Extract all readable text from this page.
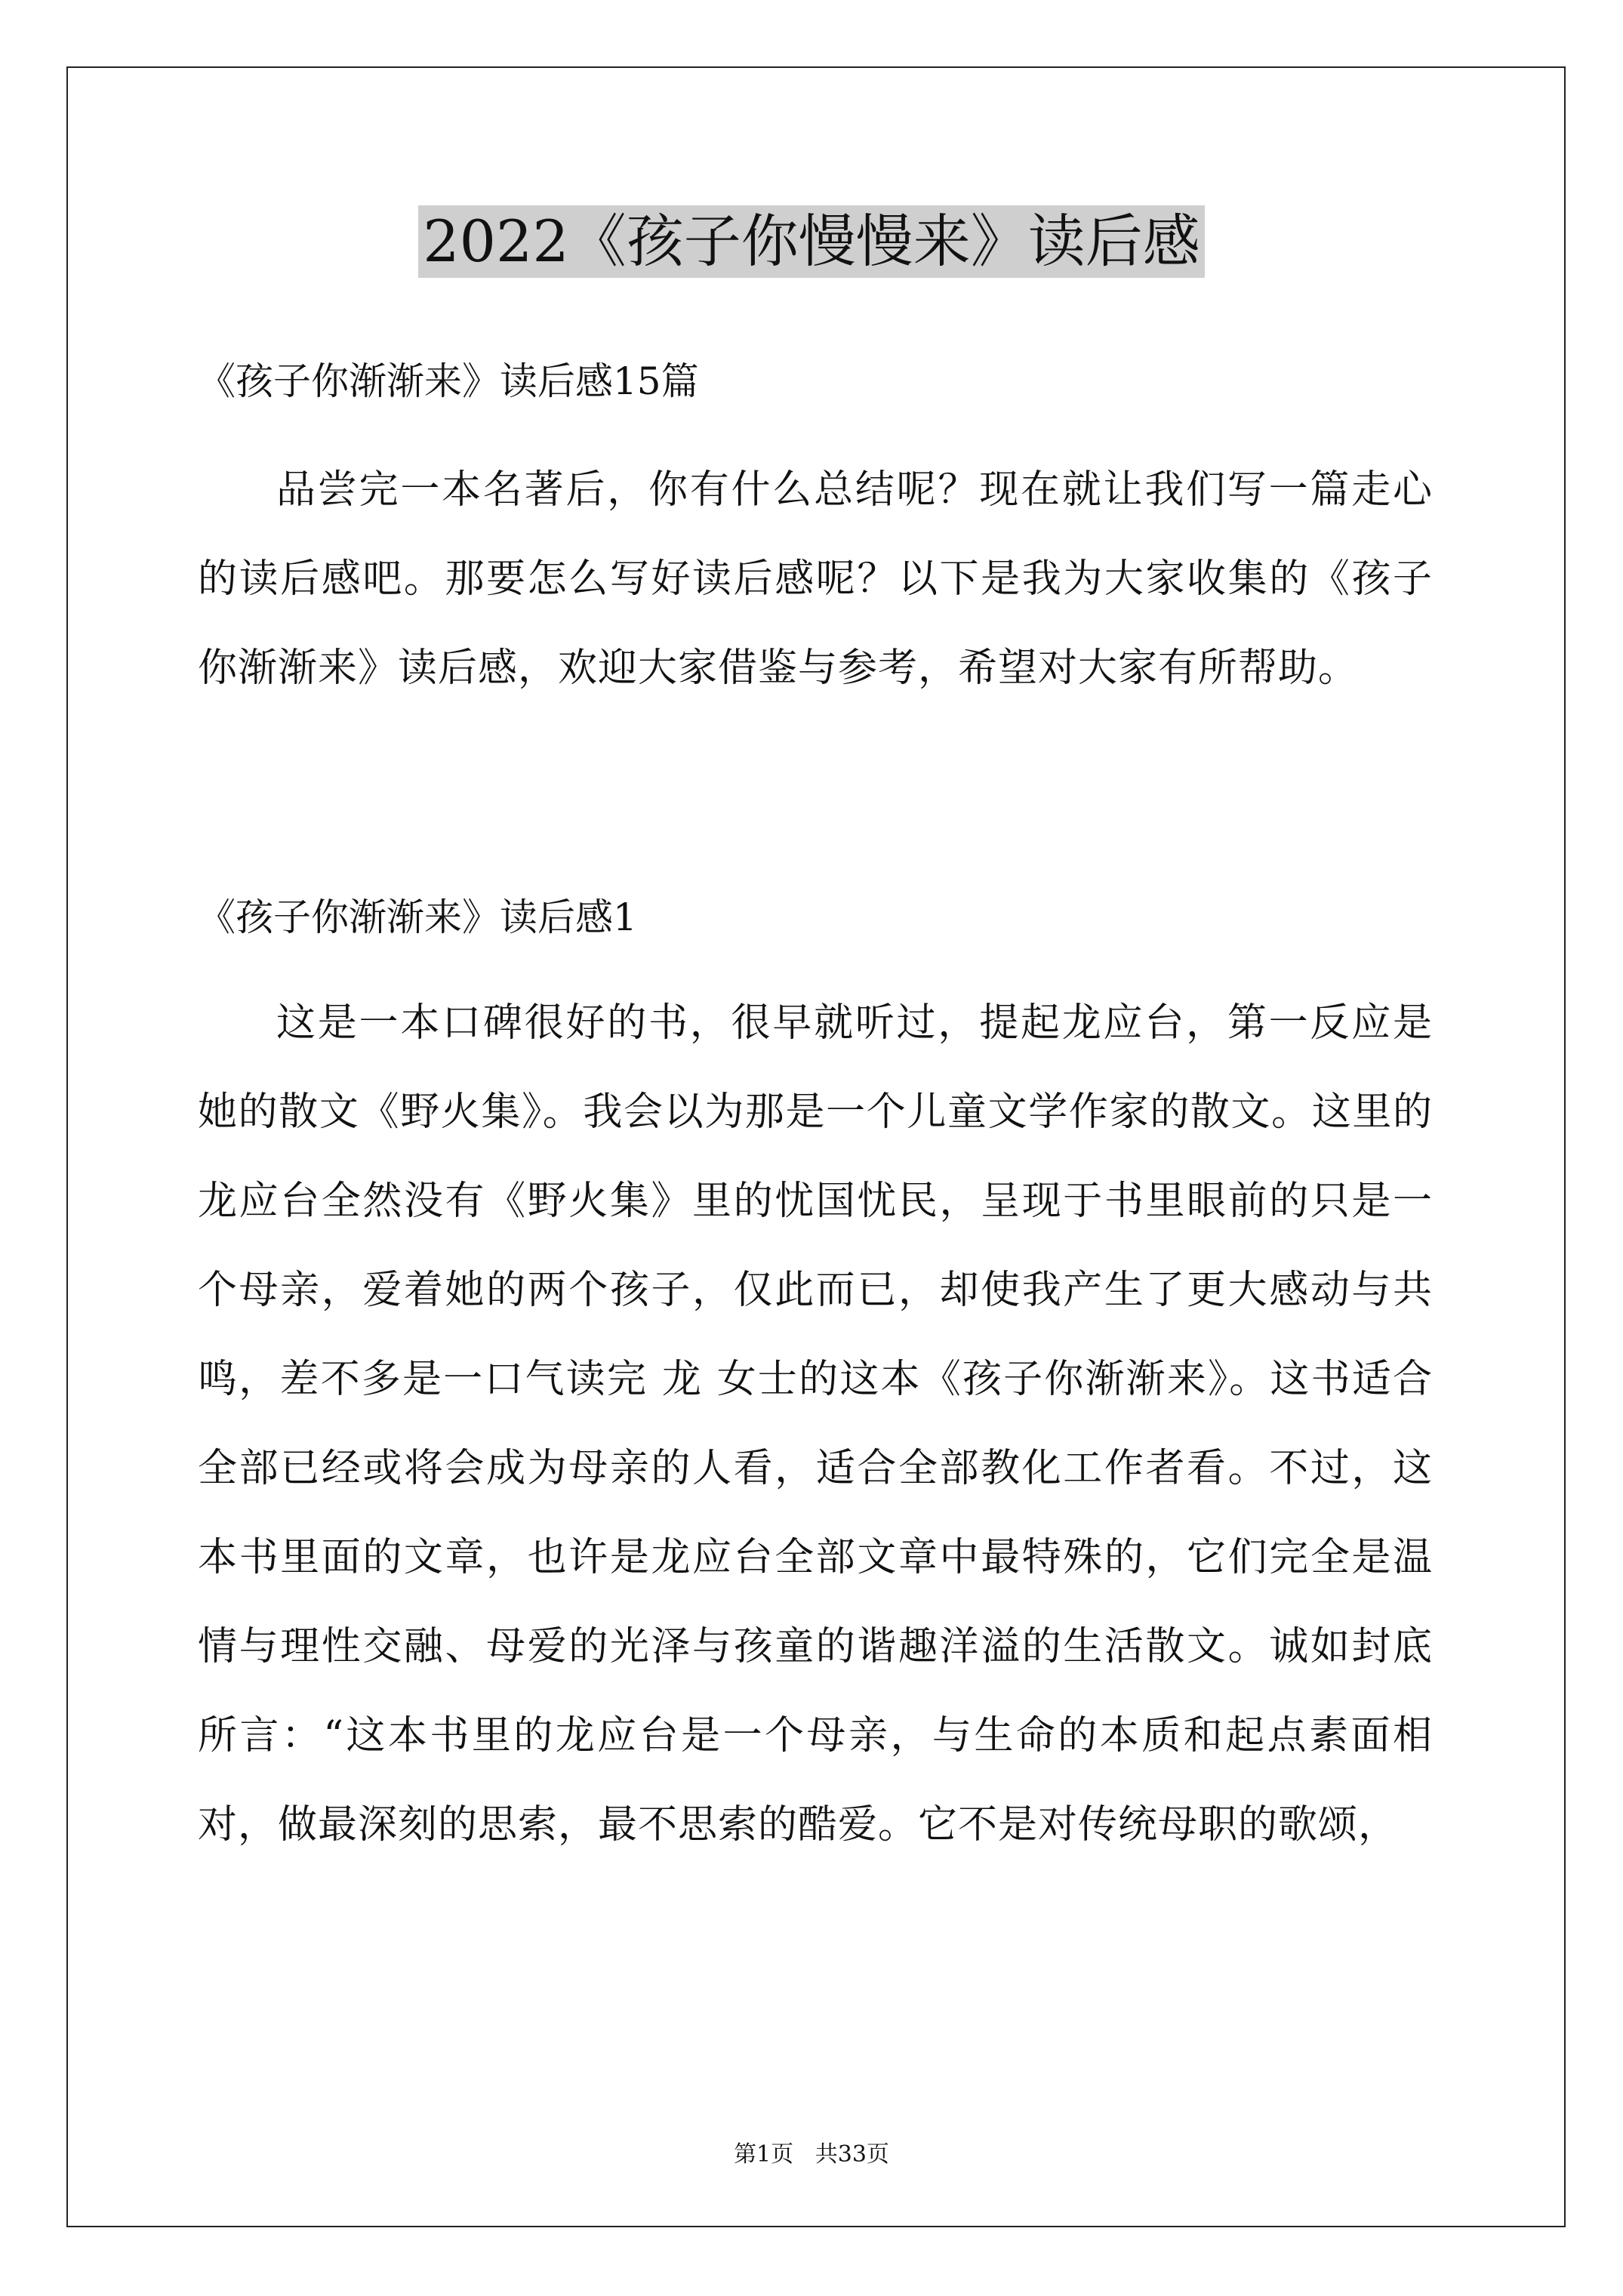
2022《孩子你慢慢来》读后感
《孩子你渐渐来》读后感15篇
品尝完一本名著后，你有什么总结呢？现在就让我们写一篇走心的读后感吧。那要怎么写好读后感呢？以下是我为大家收集的《孩子你渐渐来》读后感，欢迎大家借鉴与参考，希望对大家有所帮助。
《孩子你渐渐来》读后感1
这是一本口碑很好的书，很早就听过，提起龙应台，第一反应是她的散文《野火集》。我会以为那是一个儿童文学作家的散文。这里的龙应台全然没有《野火集》里的忧国忧民，呈现于书里眼前的只是一个母亲，爱着她的两个孩子，仅此而已，却使我产生了更大感动与共鸣，差不多是一口气读完 龙 女士的这本《孩子你渐渐来》。这书适合全部已经或将会成为母亲的人看，适合全部教化工作者看。不过，这本书里面的文章，也许是龙应台全部文章中最特殊的，它们完全是温情与理性交融、母爱的光泽与孩童的谐趣洋溢的生活散文。诚如封底所言：“这本书里的龙应台是一个母亲，与生命的本质和起点素面相对，做最深刻的思索，最不思索的酷爱。它不是对传统母职的歌颂，
第1页   共33页
